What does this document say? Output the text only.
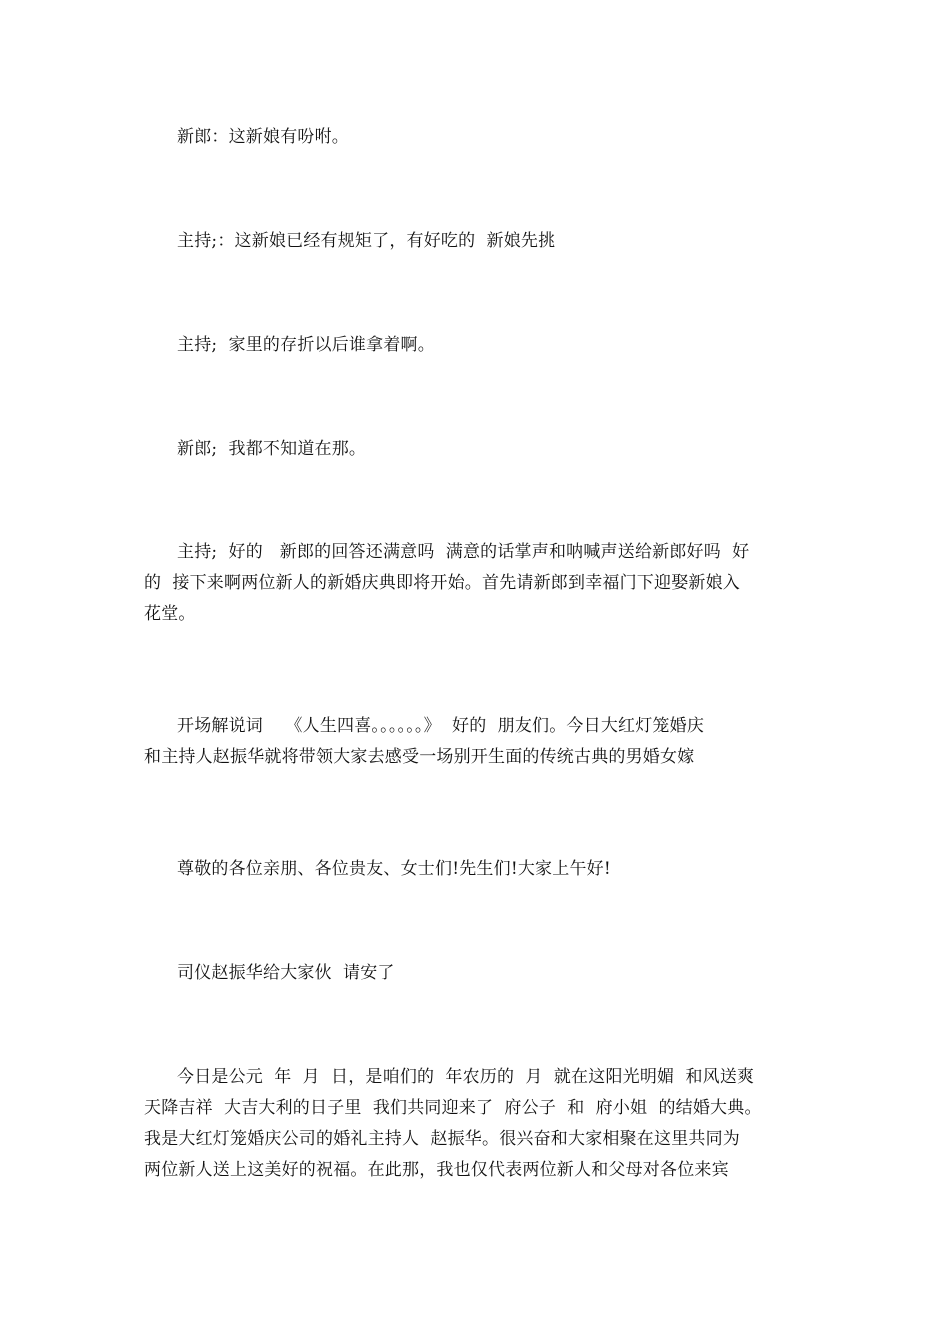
新郎：这新娘有吩咐。
主持;：这新娘已经有规矩了，有好吃的  新娘先挑
主持;  家里的存折以后谁拿着啊。
新郎;  我都不知道在那。
主持;  好的   新郎的回答还满意吗  满意的话掌声和呐喊声送给新郎好吗  好
的  接下来啊两位新人的新婚庆典即将开始。首先请新郎到幸福门下迎娶新娘入
花堂。
开场解说词    《人生四喜。。。。。。》  好的  朋友们。今日大红灯笼婚庆
和主持人赵振华就将带领大家去感受一场别开生面的传统古典的男婚女嫁
尊敬的各位亲朋、各位贵友、女士们!先生们!大家上午好!
司仪赵振华给大家伙  请安了
今日是公元  年  月  日，是咱们的  年农历的  月  就在这阳光明媚  和风送爽
天降吉祥  大吉大利的日子里  我们共同迎来了  府公子  和  府小姐  的结婚大典。
我是大红灯笼婚庆公司的婚礼主持人  赵振华。很兴奋和大家相聚在这里共同为
两位新人送上这美好的祝福。在此那，我也仅代表两位新人和父母对各位来宾
